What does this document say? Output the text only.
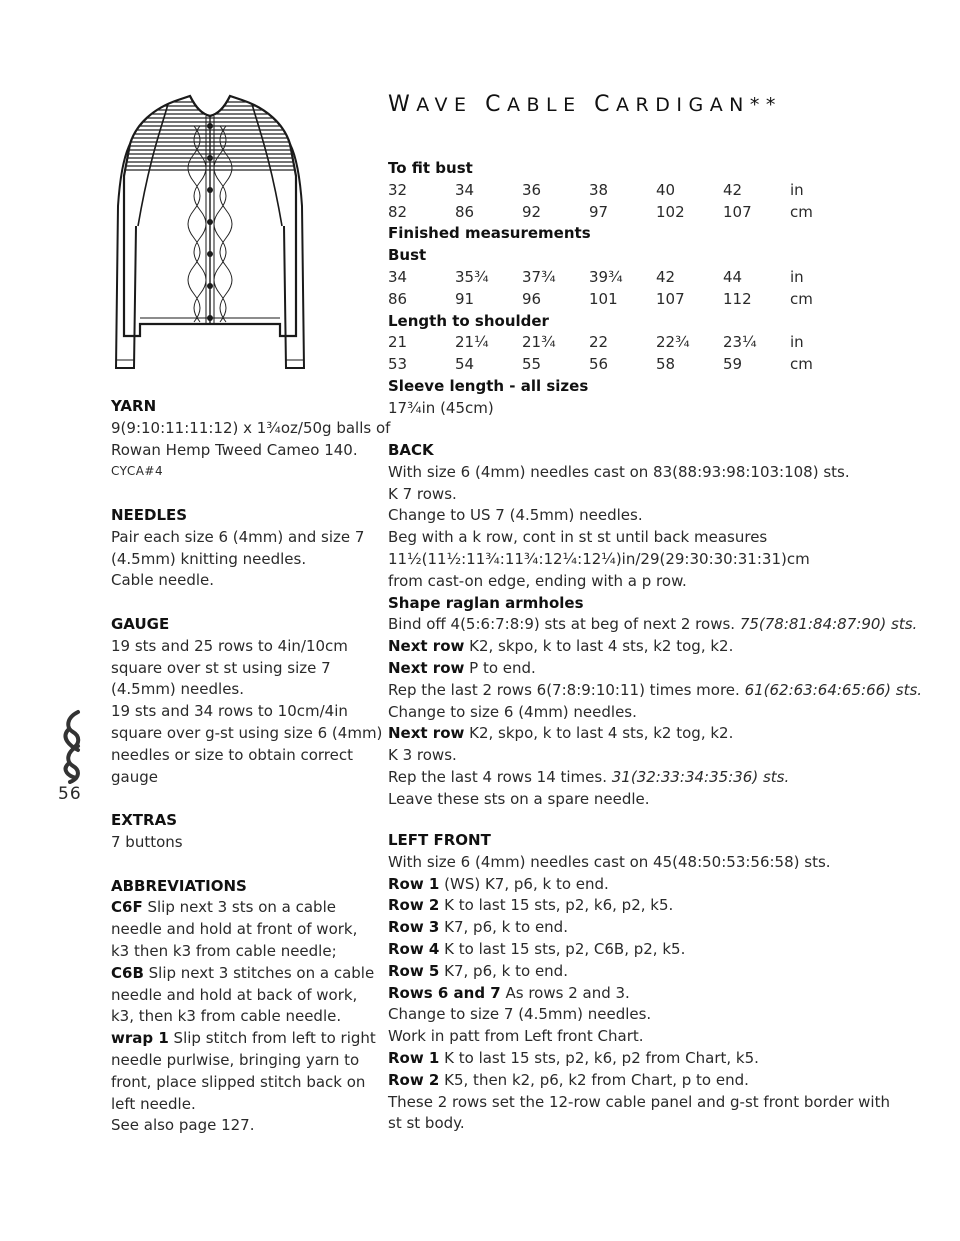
WAVE CABLE CARDIGAN**
To fit bust
32	34	36	38	40	42	in
82	86	92	97	102	107	cm
Finished measurements
Bust
34	35¾	37¾	39¾	42	44	in
86	91	96	101	107	112	cm
Length to shoulder
21	21¼	21¾	22	22¾	23¼	in
53	54	55	56	58	59	cm
Sleeve length - all sizes
17¾in (45cm)
YARN
9(9:10:11:11:12) x 1¾oz/50g balls of
Rowan Hemp Tweed Cameo 140.
CYCA#4
NEEDLES
Pair each size 6 (4mm) and size 7
(4.5mm) knitting needles.
Cable needle.
GAUGE
19 sts and 25 rows to 4in/10cm
square over st st using size 7
(4.5mm) needles.
19 sts and 34 rows to 10cm/4in
square over g-st using size 6 (4mm)
needles or size to obtain correct
gauge
EXTRAS
7 buttons
ABBREVIATIONS
C6F Slip next 3 sts on a cable
needle and hold at front of work,
k3 then k3 from cable needle;
C6B Slip next 3 stitches on a cable
needle and hold at back of work,
k3, then k3 from cable needle.
wrap 1 Slip stitch from left to right
needle purlwise, bringing yarn to
front, place slipped stitch back on
left needle.
See also page 127.
56
BACK
With size 6 (4mm) needles cast on 83(88:93:98:103:108) sts.
K 7 rows.
Change to US 7 (4.5mm) needles.
Beg with a k row, cont in st st until back measures
11½(11½:11¾:11¾:12¼:12¼)in/29(29:30:30:31:31)cm
from cast-on edge, ending with a p row.
Shape raglan armholes
Bind off 4(5:6:7:8:9) sts at beg of next 2 rows. 75(78:81:84:87:90) sts.
Next row K2, skpo, k to last 4 sts, k2 tog, k2.
Next row P to end.
Rep the last 2 rows 6(7:8:9:10:11) times more. 61(62:63:64:65:66) sts.
Change to size 6 (4mm) needles.
Next row K2, skpo, k to last 4 sts, k2 tog, k2.
K 3 rows.
Rep the last 4 rows 14 times. 31(32:33:34:35:36) sts.
Leave these sts on a spare needle.
LEFT FRONT
With size 6 (4mm) needles cast on 45(48:50:53:56:58) sts.
Row 1 (WS) K7, p6, k to end.
Row 2 K to last 15 sts, p2, k6, p2, k5.
Row 3 K7, p6, k to end.
Row 4 K to last 15 sts, p2, C6B, p2, k5.
Row 5 K7, p6, k to end.
Rows 6 and 7 As rows 2 and 3.
Change to size 7 (4.5mm) needles.
Work in patt from Left front Chart.
Row 1 K to last 15 sts, p2, k6, p2 from Chart, k5.
Row 2 K5, then k2, p6, k2 from Chart, p to end.
These 2 rows set the 12-row cable panel and g-st front border with
st st body.
